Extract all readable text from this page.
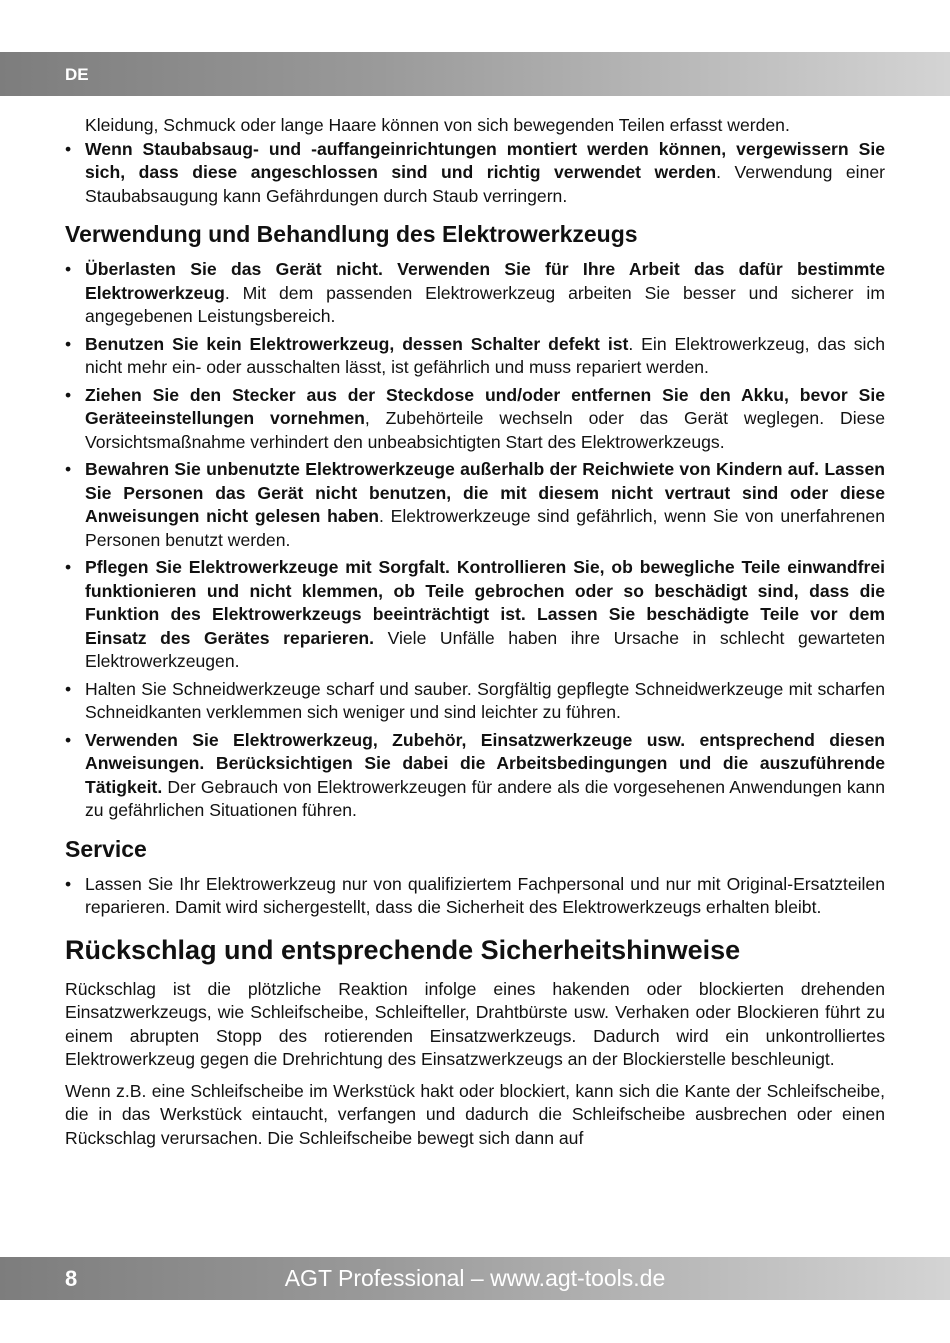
DE

Kleidung, Schmuck oder lange Haare können von sich bewegenden Teilen erfasst werden.

• Wenn Staubabsaug- und -auffangeinrichtungen montiert werden können, vergewissern Sie sich, dass diese angeschlossen sind und richtig verwendet werden. Verwendung einer Staubabsaugung kann Gefährdungen durch Staub verringern.
Verwendung und Behandlung des Elektrowerkzeugs
• Überlasten Sie das Gerät nicht. Verwenden Sie für Ihre Arbeit das dafür bestimmte Elektrowerkzeug. Mit dem passenden Elektrowerkzeug arbeiten Sie besser und sicherer im angegebenen Leistungsbereich.
• Benutzen Sie kein Elektrowerkzeug, dessen Schalter defekt ist. Ein Elektrowerkzeug, das sich nicht mehr ein- oder ausschalten lässt, ist gefährlich und muss repariert werden.
• Ziehen Sie den Stecker aus der Steckdose und/oder entfernen Sie den Akku, bevor Sie Geräteeinstellungen vornehmen, Zubehörteile wechseln oder das Gerät weglegen. Diese Vorsichtsmaßnahme verhindert den unbeabsichtigten Start des Elektrowerkzeugs.
• Bewahren Sie unbenutzte Elektrowerkzeuge außerhalb der Reichwiete von Kindern auf. Lassen Sie Personen das Gerät nicht benutzen, die mit diesem nicht vertraut sind oder diese Anweisungen nicht gelesen haben. Elektrowerkzeuge sind gefährlich, wenn Sie von unerfahrenen Personen benutzt werden.
• Pflegen Sie Elektrowerkzeuge mit Sorgfalt. Kontrollieren Sie, ob bewegliche Teile einwandfrei funktionieren und nicht klemmen, ob Teile gebrochen oder so beschädigt sind, dass die Funktion des Elektrowerkzeugs beeinträchtigt ist. Lassen Sie beschädigte Teile vor dem Einsatz des Gerätes reparieren. Viele Unfälle haben ihre Ursache in schlecht gewarteten Elektrowerkzeugen.
• Halten Sie Schneidwerkzeuge scharf und sauber. Sorgfältig gepflegte Schneidwerkzeuge mit scharfen Schneidkanten verklemmen sich weniger und sind leichter zu führen.
• Verwenden Sie Elektrowerkzeug, Zubehör, Einsatzwerkzeuge usw. entsprechend diesen Anweisungen. Berücksichtigen Sie dabei die Arbeitsbedingungen und die auszuführende Tätigkeit. Der Gebrauch von Elektrowerkzeugen für andere als die vorgesehenen Anwendungen kann zu gefährlichen Situationen führen.
Service
• Lassen Sie Ihr Elektrowerkzeug nur von qualifiziertem Fachpersonal und nur mit Original-Ersatzteilen reparieren. Damit wird sichergestellt, dass die Sicherheit des Elektrowerkzeugs erhalten bleibt.
Rückschlag und entsprechende Sicherheitshinweise

Rückschlag ist die plötzliche Reaktion infolge eines hakenden oder blockierten drehenden Einsatzwerkzeugs, wie Schleifscheibe, Schleifteller, Drahtbürste usw. Verhaken oder Blockieren führt zu einem abrupten Stopp des rotierenden Einsatzwerkzeugs. Dadurch wird ein unkontrolliertes Elektrowerkzeug gegen die Drehrichtung des Einsatzwerkzeugs an der Blockierstelle beschleunigt.

Wenn z.B. eine Schleifscheibe im Werkstück hakt oder blockiert, kann sich die Kante der Schleifscheibe, die in das Werkstück eintaucht, verfangen und dadurch die Schleifscheibe ausbrechen oder einen Rückschlag verursachen. Die Schleifscheibe bewegt sich dann auf

8	AGT Professional – www.agt-tools.de
